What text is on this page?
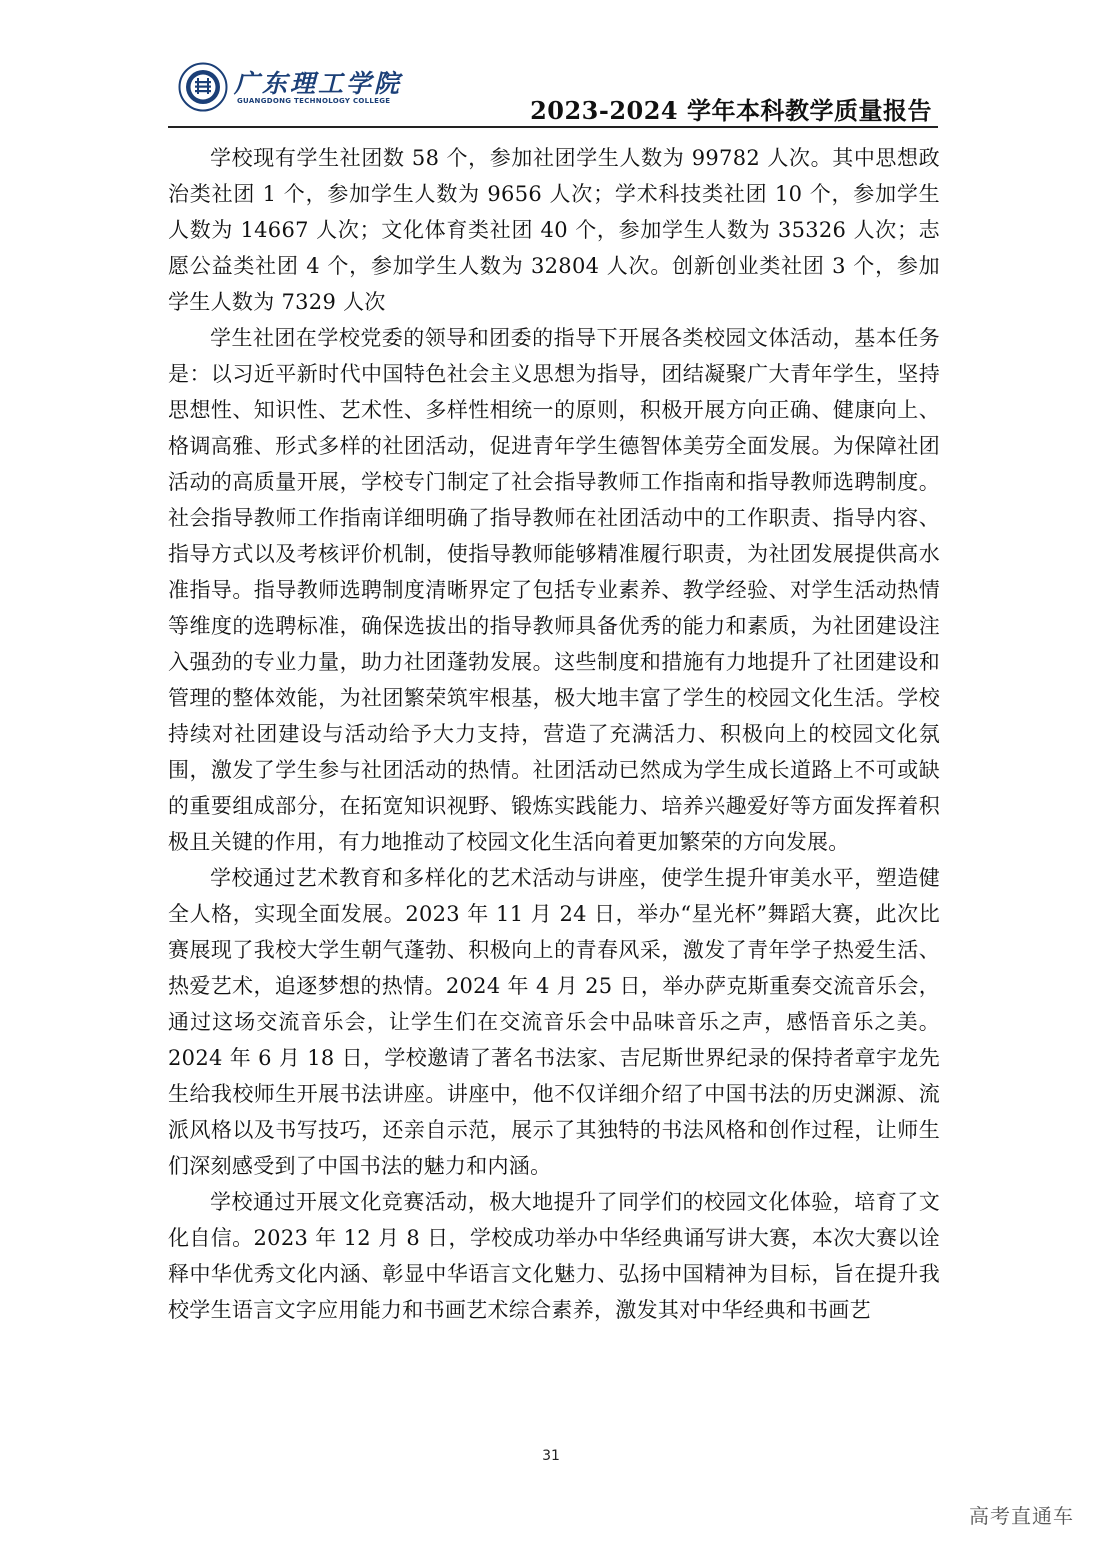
广东理工学院
GUANGDONG TECHNOLOGY COLLEGE	2023-2024 学年本科教学质量报告

学校现有学生社团数 58 个，参加社团学生人数为 99782 人次。其中思想政治类社团 1 个，参加学生人数为 9656 人次；学术科技类社团 10 个，参加学生人数为 14667 人次；文化体育类社团 40 个，参加学生人数为 35326 人次；志愿公益类社团 4 个，参加学生人数为 32804 人次。创新创业类社团 3 个，参加学生人数为 7329 人次

学生社团在学校党委的领导和团委的指导下开展各类校园文体活动，基本任务是：以习近平新时代中国特色社会主义思想为指导，团结凝聚广大青年学生，坚持思想性、知识性、艺术性、多样性相统一的原则，积极开展方向正确、健康向上、格调高雅、形式多样的社团活动，促进青年学生德智体美劳全面发展。为保障社团活动的高质量开展，学校专门制定了社会指导教师工作指南和指导教师选聘制度。社会指导教师工作指南详细明确了指导教师在社团活动中的工作职责、指导内容、指导方式以及考核评价机制，使指导教师能够精准履行职责，为社团发展提供高水准指导。指导教师选聘制度清晰界定了包括专业素养、教学经验、对学生活动热情等维度的选聘标准，确保选拔出的指导教师具备优秀的能力和素质，为社团建设注入强劲的专业力量，助力社团蓬勃发展。这些制度和措施有力地提升了社团建设和管理的整体效能，为社团繁荣筑牢根基，极大地丰富了学生的校园文化生活。学校持续对社团建设与活动给予大力支持，营造了充满活力、积极向上的校园文化氛围，激发了学生参与社团活动的热情。社团活动已然成为学生成长道路上不可或缺的重要组成部分，在拓宽知识视野、锻炼实践能力、培养兴趣爱好等方面发挥着积极且关键的作用，有力地推动了校园文化生活向着更加繁荣的方向发展。

学校通过艺术教育和多样化的艺术活动与讲座，使学生提升审美水平，塑造健全人格，实现全面发展。2023 年 11 月 24 日，举办“星光杯”舞蹈大赛，此次比赛展现了我校大学生朝气蓬勃、积极向上的青春风采，激发了青年学子热爱生活、热爱艺术，追逐梦想的热情。2024 年 4 月 25 日，举办萨克斯重奏交流音乐会，通过这场交流音乐会，让学生们在交流音乐会中品味音乐之声，感悟音乐之美。2024 年 6 月 18 日，学校邀请了著名书法家、吉尼斯世界纪录的保持者章宇龙先生给我校师生开展书法讲座。讲座中，他不仅详细介绍了中国书法的历史渊源、流派风格以及书写技巧，还亲自示范，展示了其独特的书法风格和创作过程，让师生们深刻感受到了中国书法的魅力和内涵。

学校通过开展文化竞赛活动，极大地提升了同学们的校园文化体验，培育了文化自信。2023 年 12 月 8 日，学校成功举办中华经典诵写讲大赛，本次大赛以诠释中华优秀文化内涵、彰显中华语言文化魅力、弘扬中国精神为目标，旨在提升我校学生语言文字应用能力和书画艺术综合素养，激发其对中华经典和书画艺

31
高考直通车
